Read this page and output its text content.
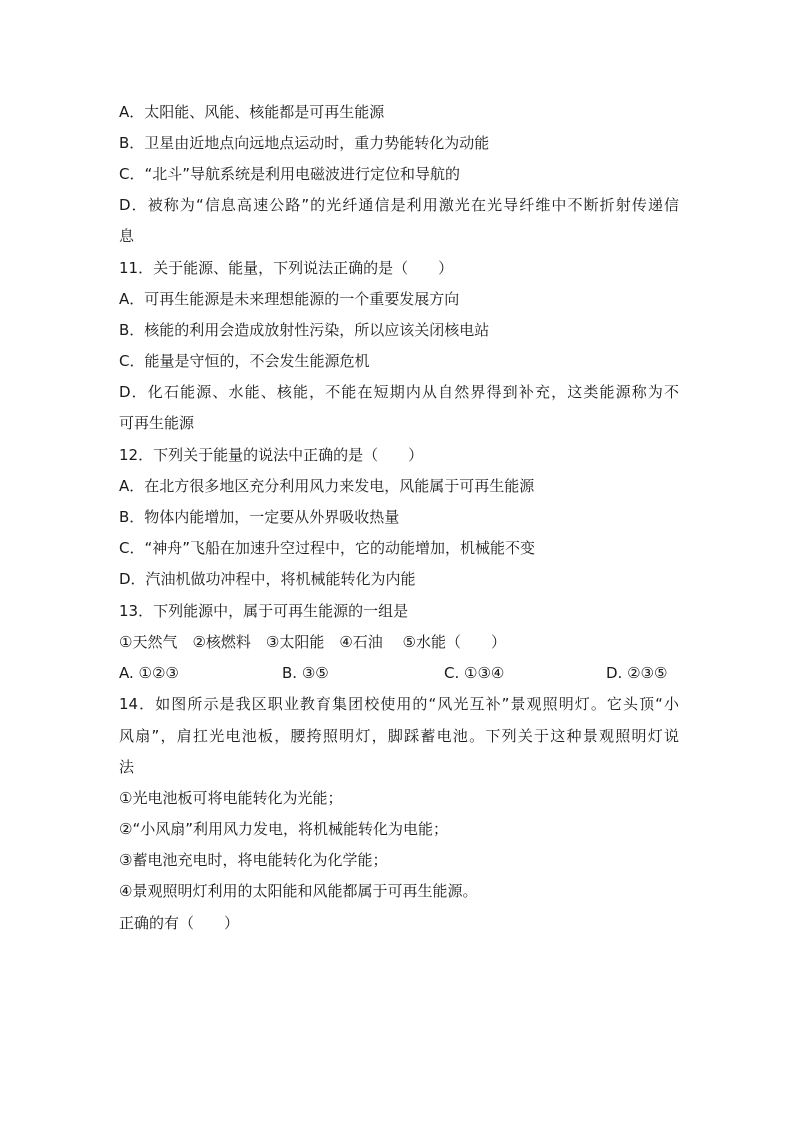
A．太阳能、风能、核能都是可再生能源
B．卫星由近地点向远地点运动时，重力势能转化为动能
C．“北斗”导航系统是利用电磁波进行定位和导航的
D．被称为“信息高速公路”的光纤通信是利用激光在光导纤维中不断折射传递信
息
11．关于能源、能量，下列说法正确的是（　　）
A．可再生能源是未来理想能源的一个重要发展方向
B．核能的利用会造成放射性污染，所以应该关闭核电站
C．能量是守恒的，不会发生能源危机
D．化石能源、水能、核能，不能在短期内从自然界得到补充，这类能源称为不
可再生能源
12．下列关于能量的说法中正确的是（　　）
A．在北方很多地区充分利用风力来发电，风能属于可再生能源
B．物体内能增加，一定要从外界吸收热量
C．“神舟”飞船在加速升空过程中，它的动能增加，机械能不变
D．汽油机做功冲程中，将机械能转化为内能
13．下列能源中，属于可再生能源的一组是
①天然气　②核燃料　③太阳能　④石油　 ⑤水能（　　）
A. ①②③	B. ③⑤	C. ①③④	D. ②③⑤
14．如图所示是我区职业教育集团校使用的“风光互补”景观照明灯。它头顶“小
风扇”，肩扛光电池板，腰挎照明灯，脚踩蓄电池。下列关于这种景观照明灯说
法
①光电池板可将电能转化为光能；
②“小风扇”利用风力发电，将机械能转化为电能；
③蓄电池充电时，将电能转化为化学能；
④景观照明灯利用的太阳能和风能都属于可再生能源。
正确的有（　　）
